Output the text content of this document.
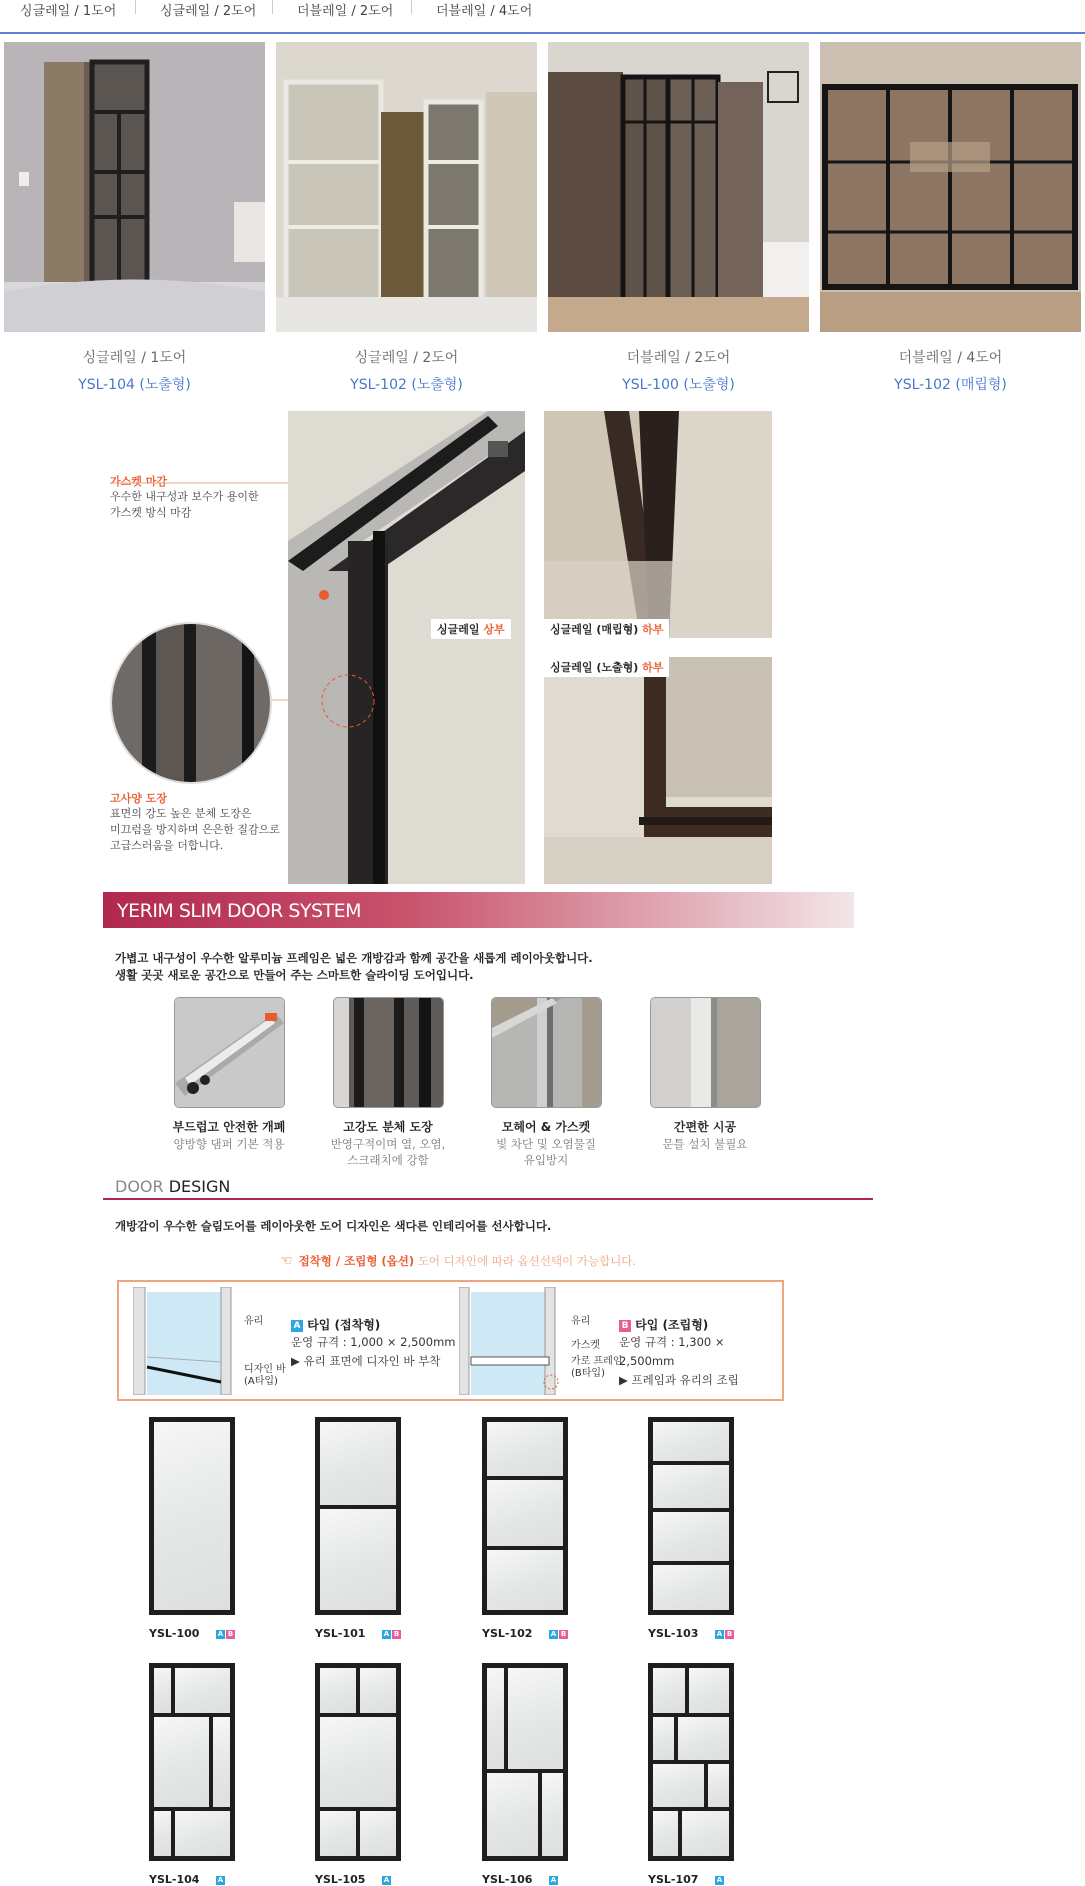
싱글레일 / 1도어	싱글레일 / 2도어	더블레일 / 2도어	더블레일 / 4도어
싱글레일 / 1도어
YSL-104 (노출형)
싱글레일 / 2도어
YSL-102 (노출형)
더블레일 / 2도어
YSL-100 (노출형)
더블레일 / 4도어
YSL-102 (매립형)
가스켓 마감
우수한 내구성과 보수가 용이한
가스켓 방식 마감
고사양 도장
표면의 강도 높은 분체 도장은
미끄럼을 방지하며 은은한 질감으로
고급스러움을 더합니다.
싱글레일 상부	싱글레일 (매립형) 하부
싱글레일 (노출형) 하부
YERIM SLIM DOOR SYSTEM
가볍고 내구성이 우수한 알루미늄 프레임은 넓은 개방감과 함께 공간을 새롭게 레이아웃합니다.
생활 곳곳 새로운 공간으로 만들어 주는 스마트한 슬라이딩 도어입니다.
부드럽고 안전한 개폐
양방향 댐퍼 기본 적용
고강도 분체 도장
반영구적이며 열, 오염,
스크래치에 강함
모헤어 & 가스켓
빛 차단 및 오염물질
유입방지
간편한 시공
문틀 설치 불필요
DOOR DESIGN
개방감이 우수한 슬림도어를 레이아웃한 도어 디자인은 색다른 인테리어를 선사합니다.
☜ 접착형 / 조립형 (옵션) 도어 디자인에 따라 옵션선택이 가능합니다.
유리
디자인 바
(A타입)
A 타입 (접착형)
운영 규격 : 1,000 × 2,500mm
▶ 유리 표면에 디자인 바 부착
유리
가스켓
가로 프레임
(B타입)
B 타입 (조립형)
운영 규격 : 1,300 × 2,500mm
▶ 프레임과 유리의 조립
YSL-100	A B	YSL-101	A B	YSL-102	A B	YSL-103	A B
YSL-104	A	YSL-105	A	YSL-106	A	YSL-107	A
